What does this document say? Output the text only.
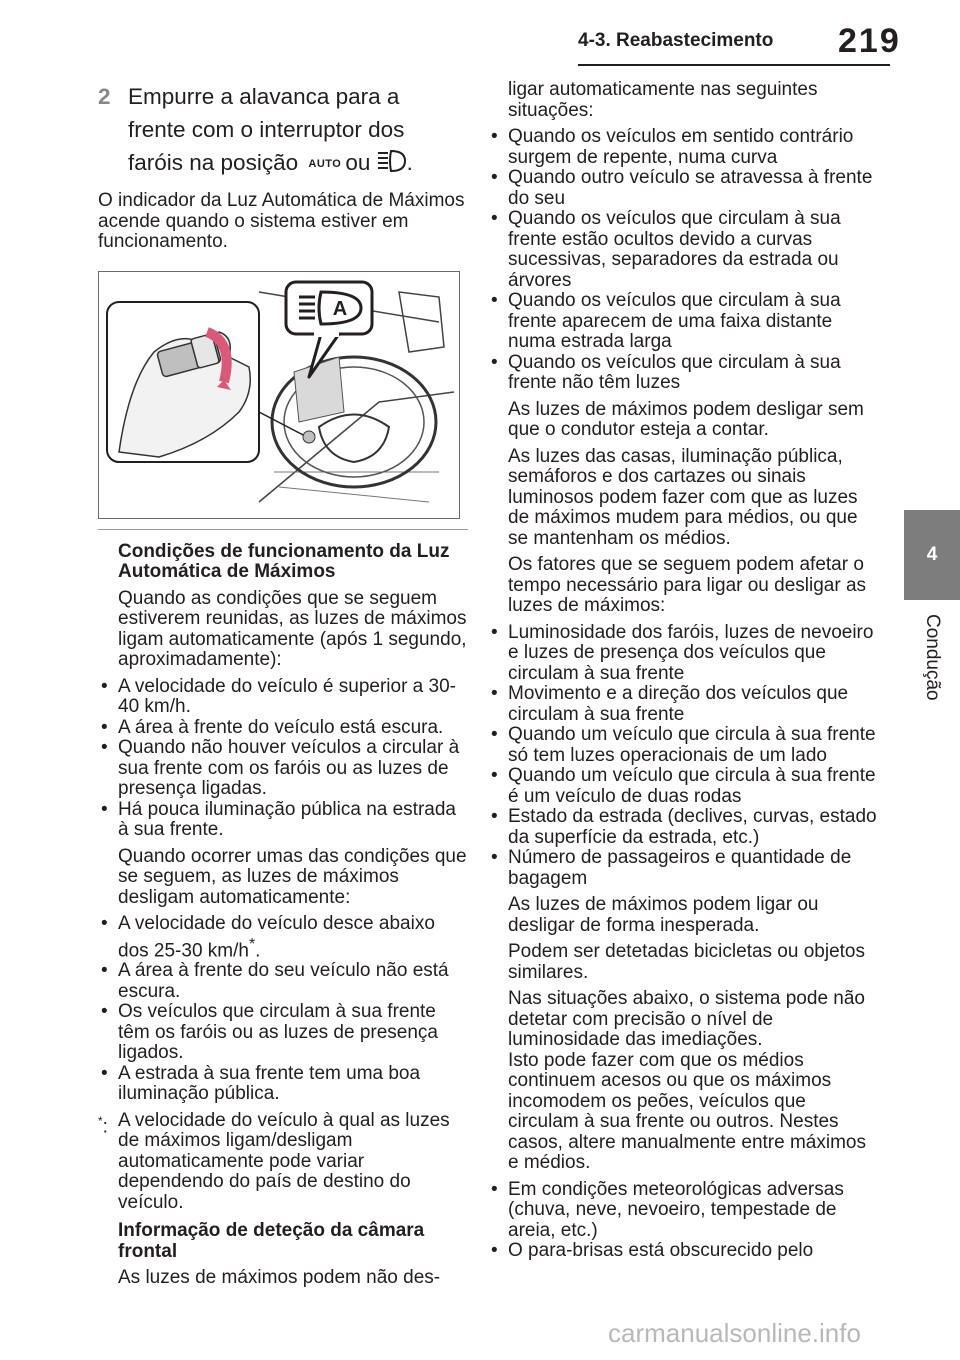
4-3. Reabastecimento 219
4
Condução
2 Empurre a alavanca para a frente com o interruptor dos faróis na posição AUTO ou .

O indicador da Luz Automática de Máximos acende quando o sistema estiver em funcionamento.

A

Condições de funcionamento da Luz Automática de Máximos

Quando as condições que se seguem estiverem reunidas, as luzes de máximos ligam automaticamente (após 1 segundo, aproximadamente):

• A velocidade do veículo é superior a 30-40 km/h.
• A área à frente do veículo está escura.
• Quando não houver veículos a circular à sua frente com os faróis ou as luzes de presença ligadas.
• Há pouca iluminação pública na estrada à sua frente.

Quando ocorrer umas das condições que se seguem, as luzes de máximos desligam automaticamente:

• A velocidade do veículo desce abaixo dos 25-30 km/h*.
• A área à frente do seu veículo não está escura.
• Os veículos que circulam à sua frente têm os faróis ou as luzes de presença ligados.
• A estrada à sua frente tem uma boa iluminação pública.
*: A velocidade do veículo à qual as luzes de máximos ligam/desligam automaticamente pode variar dependendo do país de destino do veículo.

Informação de deteção da câmara frontal

As luzes de máximos podem não des-

ligar automaticamente nas seguintes situações:

• Quando os veículos em sentido contrário surgem de repente, numa curva
• Quando outro veículo se atravessa à frente do seu
• Quando os veículos que circulam à sua frente estão ocultos devido a curvas sucessivas, separadores da estrada ou árvores
• Quando os veículos que circulam à sua frente aparecem de uma faixa distante numa estrada larga
• Quando os veículos que circulam à sua frente não têm luzes

As luzes de máximos podem desligar sem que o condutor esteja a contar.

As luzes das casas, iluminação pública, semáforos e dos cartazes ou sinais luminosos podem fazer com que as luzes de máximos mudem para médios, ou que se mantenham os médios.

Os fatores que se seguem podem afetar o tempo necessário para ligar ou desligar as luzes de máximos:

• Luminosidade dos faróis, luzes de nevoeiro e luzes de presença dos veículos que circulam à sua frente
• Movimento e a direção dos veículos que circulam à sua frente
• Quando um veículo que circula à sua frente só tem luzes operacionais de um lado
• Quando um veículo que circula à sua frente é um veículo de duas rodas
• Estado da estrada (declives, curvas, estado da superfície da estrada, etc.)
• Número de passageiros e quantidade de bagagem

As luzes de máximos podem ligar ou desligar de forma inesperada.

Podem ser detetadas bicicletas ou objetos similares.

Nas situações abaixo, o sistema pode não detetar com precisão o nível de luminosidade das imediações.

Isto pode fazer com que os médios continuem acesos ou que os máximos incomodem os peões, veículos que circulam à sua frente ou outros. Nestes casos, altere manualmente entre máximos e médios.

• Em condições meteorológicas adversas (chuva, neve, nevoeiro, tempestade de areia, etc.)
• O para-brisas está obscurecido pelo
carmanualsonline.info
